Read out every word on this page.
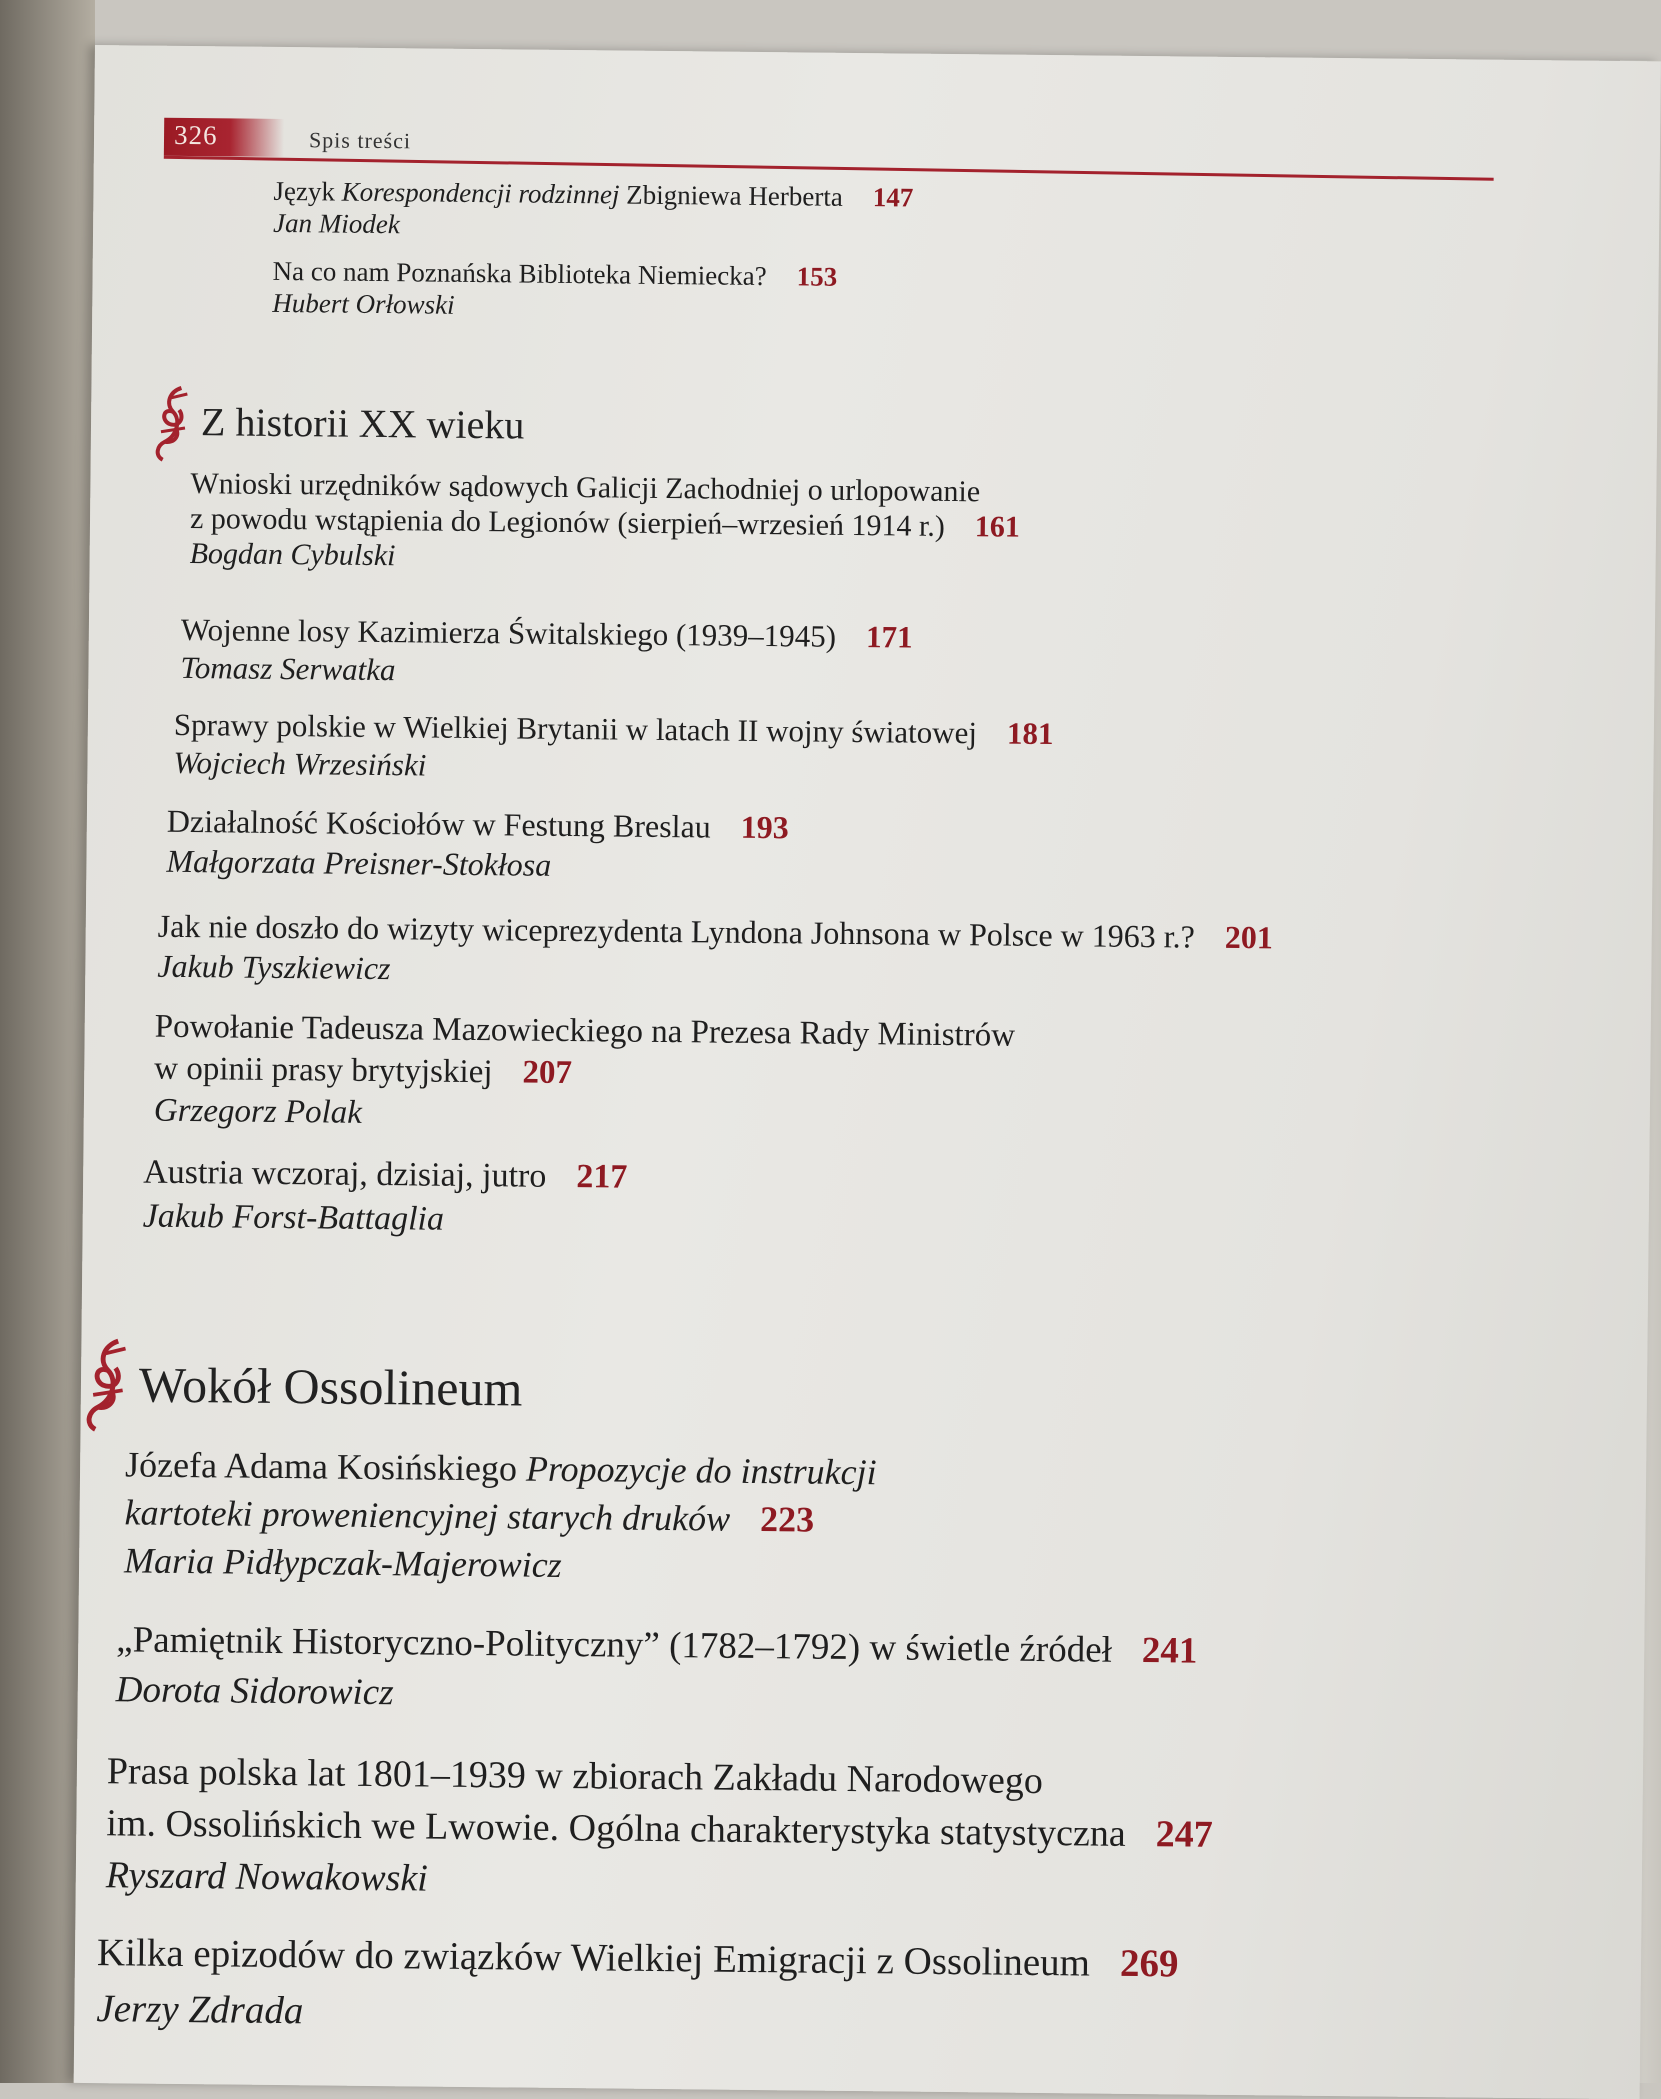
326	Spis treści
Język Korespondencji rodzinnej Zbigniewa Herberta 147
Jan Miodek
Na co nam Poznańska Biblioteka Niemiecka? 153
Hubert Orłowski
Z historii XX wieku
Wnioski urzędników sądowych Galicji Zachodniej o urlopowanie
z powodu wstąpienia do Legionów (sierpień–wrzesień 1914 r.) 161
Bogdan Cybulski
Wojenne losy Kazimierza Świtalskiego (1939–1945) 171
Tomasz Serwatka
Sprawy polskie w Wielkiej Brytanii w latach II wojny światowej 181
Wojciech Wrzesiński
Działalność Kościołów w Festung Breslau 193
Małgorzata Preisner-Stokłosa
Jak nie doszło do wizyty wiceprezydenta Lyndona Johnsona w Polsce w 1963 r.? 201
Jakub Tyszkiewicz
Powołanie Tadeusza Mazowieckiego na Prezesa Rady Ministrów
w opinii prasy brytyjskiej 207
Grzegorz Polak
Austria wczoraj, dzisiaj, jutro 217
Jakub Forst-Battaglia
Wokół Ossolineum
Józefa Adama Kosińskiego Propozycje do instrukcji
kartoteki proweniencyjnej starych druków 223
Maria Pidłypczak-Majerowicz
„Pamiętnik Historyczno-Polityczny” (1782–1792) w świetle źródeł 241
Dorota Sidorowicz
Prasa polska lat 1801–1939 w zbiorach Zakładu Narodowego
im. Ossolińskich we Lwowie. Ogólna charakterystyka statystyczna 247
Ryszard Nowakowski
Kilka epizodów do związków Wielkiej Emigracji z Ossolineum 269
Jerzy Zdrada
